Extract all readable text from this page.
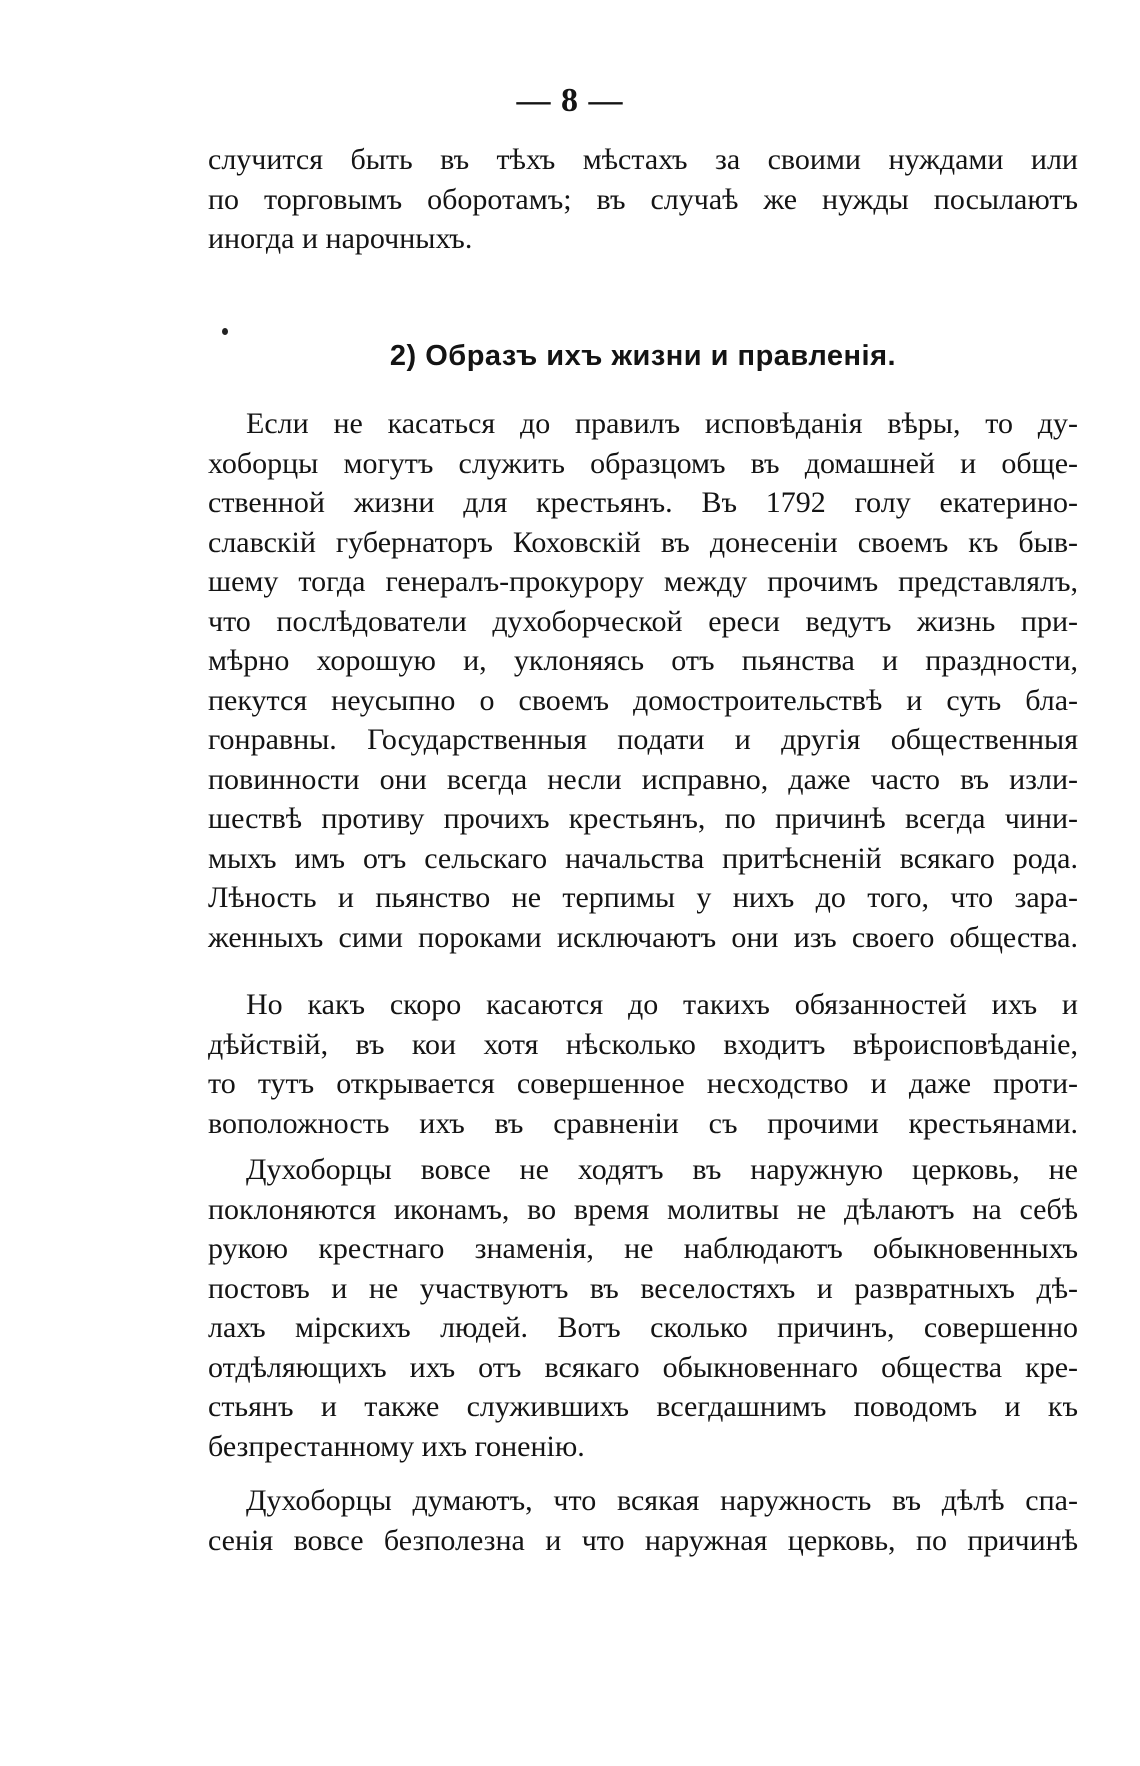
— 8 —
случится быть въ тѣхъ мѣстахъ за своими нуждами или
по торговымъ оборотамъ; въ случаѣ же нужды посылаютъ
иногда и нарочныхъ.
2) Образъ ихъ жизни и правленія.
Если не касаться до правилъ исповѣданія вѣры, то ду-
хоборцы могутъ служить образцомъ въ домашней и обще-
ственной жизни для крестьянъ. Въ 1792 голу екатерино-
славскій губернаторъ Коховскій въ донесеніи своемъ къ быв-
шему тогда генералъ-прокурору между прочимъ представлялъ,
что послѣдователи духоборческой ереси ведутъ жизнь при-
мѣрно хорошую и, уклоняясь отъ пьянства и праздности,
пекутся неусыпно о своемъ домостроительствѣ и суть бла-
гонравны. Государственныя подати и другія общественныя
повинности они всегда несли исправно, даже часто въ изли-
шествѣ противу прочихъ крестьянъ, по причинѣ всегда чини-
мыхъ имъ отъ сельскаго начальства притѣсненій всякаго рода.
Лѣность и пьянство не терпимы у нихъ до того, что зара-
женныхъ сими пороками исключаютъ они изъ своего общества.
Но какъ скоро касаются до такихъ обязанностей ихъ и
дѣйствій, въ кои хотя нѣсколько входитъ вѣроисповѣданіе,
то тутъ открывается совершенное несходство и даже проти-
воположность ихъ въ сравненіи съ прочими крестьянами.
Духоборцы вовсе не ходятъ въ наружную церковь, не
поклоняются иконамъ, во время молитвы не дѣлаютъ на себѣ
рукою крестнаго знаменія, не наблюдаютъ обыкновенныхъ
постовъ и не участвуютъ въ веселостяхъ и развратныхъ дѣ-
лахъ мірскихъ людей. Вотъ сколько причинъ, совершенно
отдѣляющихъ ихъ отъ всякаго обыкновеннаго общества кре-
стьянъ и также служившихъ всегдашнимъ поводомъ и къ
безпрестанному ихъ гоненію.
Духоборцы думаютъ, что всякая наружность въ дѣлѣ спа-
сенія вовсе безполезна и что наружная церковь, по причинѣ
